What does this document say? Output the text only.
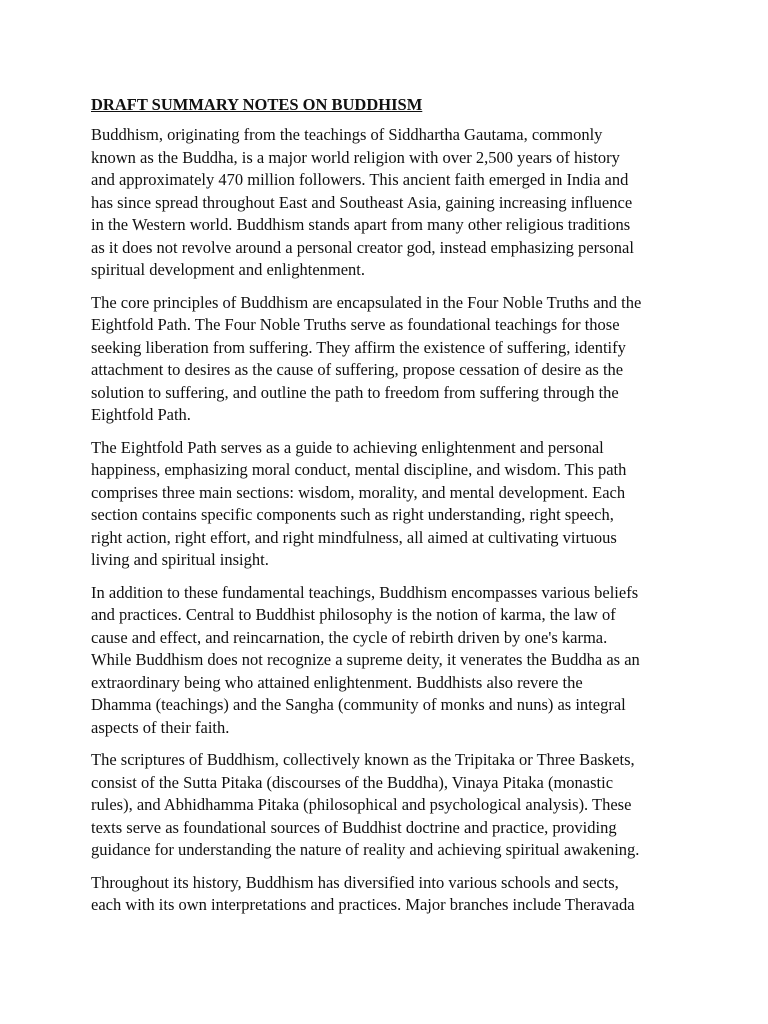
DRAFT SUMMARY NOTES ON BUDDHISM
Buddhism, originating from the teachings of Siddhartha Gautama, commonly
known as the Buddha, is a major world religion with over 2,500 years of history
and approximately 470 million followers. This ancient faith emerged in India and
has since spread throughout East and Southeast Asia, gaining increasing influence
in the Western world. Buddhism stands apart from many other religious traditions
as it does not revolve around a personal creator god, instead emphasizing personal
spiritual development and enlightenment.
The core principles of Buddhism are encapsulated in the Four Noble Truths and the
Eightfold Path. The Four Noble Truths serve as foundational teachings for those
seeking liberation from suffering. They affirm the existence of suffering, identify
attachment to desires as the cause of suffering, propose cessation of desire as the
solution to suffering, and outline the path to freedom from suffering through the
Eightfold Path.
The Eightfold Path serves as a guide to achieving enlightenment and personal
happiness, emphasizing moral conduct, mental discipline, and wisdom. This path
comprises three main sections: wisdom, morality, and mental development. Each
section contains specific components such as right understanding, right speech,
right action, right effort, and right mindfulness, all aimed at cultivating virtuous
living and spiritual insight.
In addition to these fundamental teachings, Buddhism encompasses various beliefs
and practices. Central to Buddhist philosophy is the notion of karma, the law of
cause and effect, and reincarnation, the cycle of rebirth driven by one's karma.
While Buddhism does not recognize a supreme deity, it venerates the Buddha as an
extraordinary being who attained enlightenment. Buddhists also revere the
Dhamma (teachings) and the Sangha (community of monks and nuns) as integral
aspects of their faith.
The scriptures of Buddhism, collectively known as the Tripitaka or Three Baskets,
consist of the Sutta Pitaka (discourses of the Buddha), Vinaya Pitaka (monastic
rules), and Abhidhamma Pitaka (philosophical and psychological analysis). These
texts serve as foundational sources of Buddhist doctrine and practice, providing
guidance for understanding the nature of reality and achieving spiritual awakening.
Throughout its history, Buddhism has diversified into various schools and sects,
each with its own interpretations and practices. Major branches include Theravada
